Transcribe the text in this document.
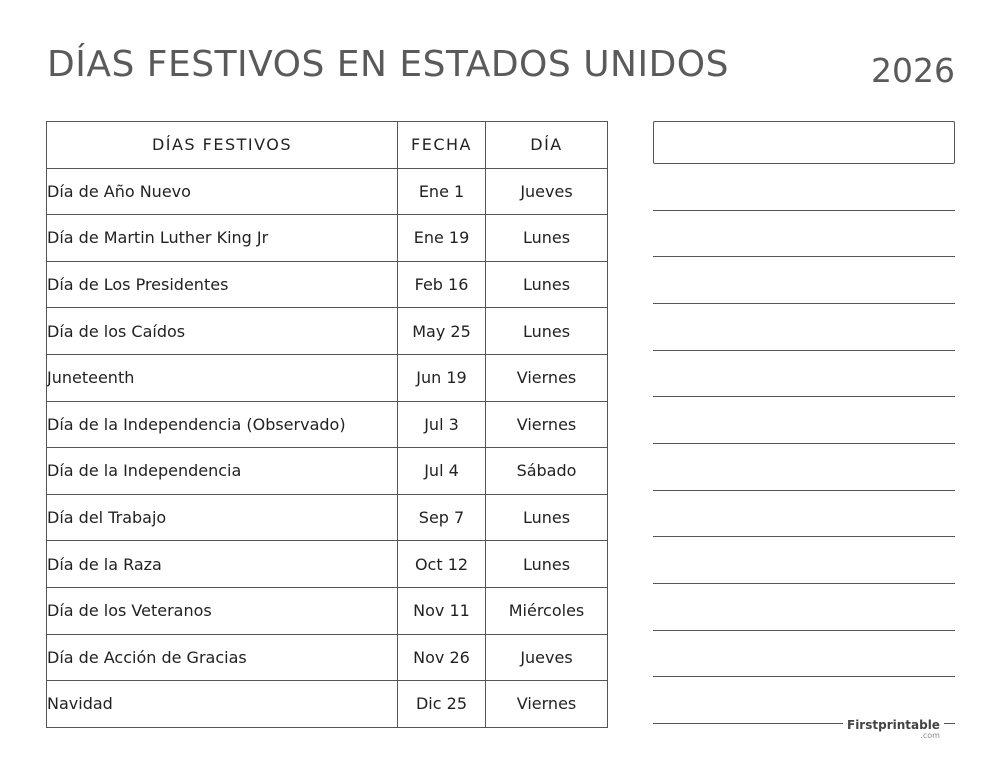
DÍAS FESTIVOS EN ESTADOS UNIDOS	2026
DÍAS FESTIVOS	FECHA	DÍA
Día de Año Nuevo	Ene 1	Jueves
Día de Martin Luther King Jr	Ene 19	Lunes
Día de Los Presidentes	Feb 16	Lunes
Día de los Caídos	May 25	Lunes
Juneteenth	Jun 19	Viernes
Día de la Independencia (Observado)	Jul 3	Viernes
Día de la Independencia	Jul 4	Sábado
Día del Trabajo	Sep 7	Lunes
Día de la Raza	Oct 12	Lunes
Día de los Veteranos	Nov 11	Miércoles
Día de Acción de Gracias	Nov 26	Jueves
Navidad	Dic 25	Viernes
Firstprintable
.com
